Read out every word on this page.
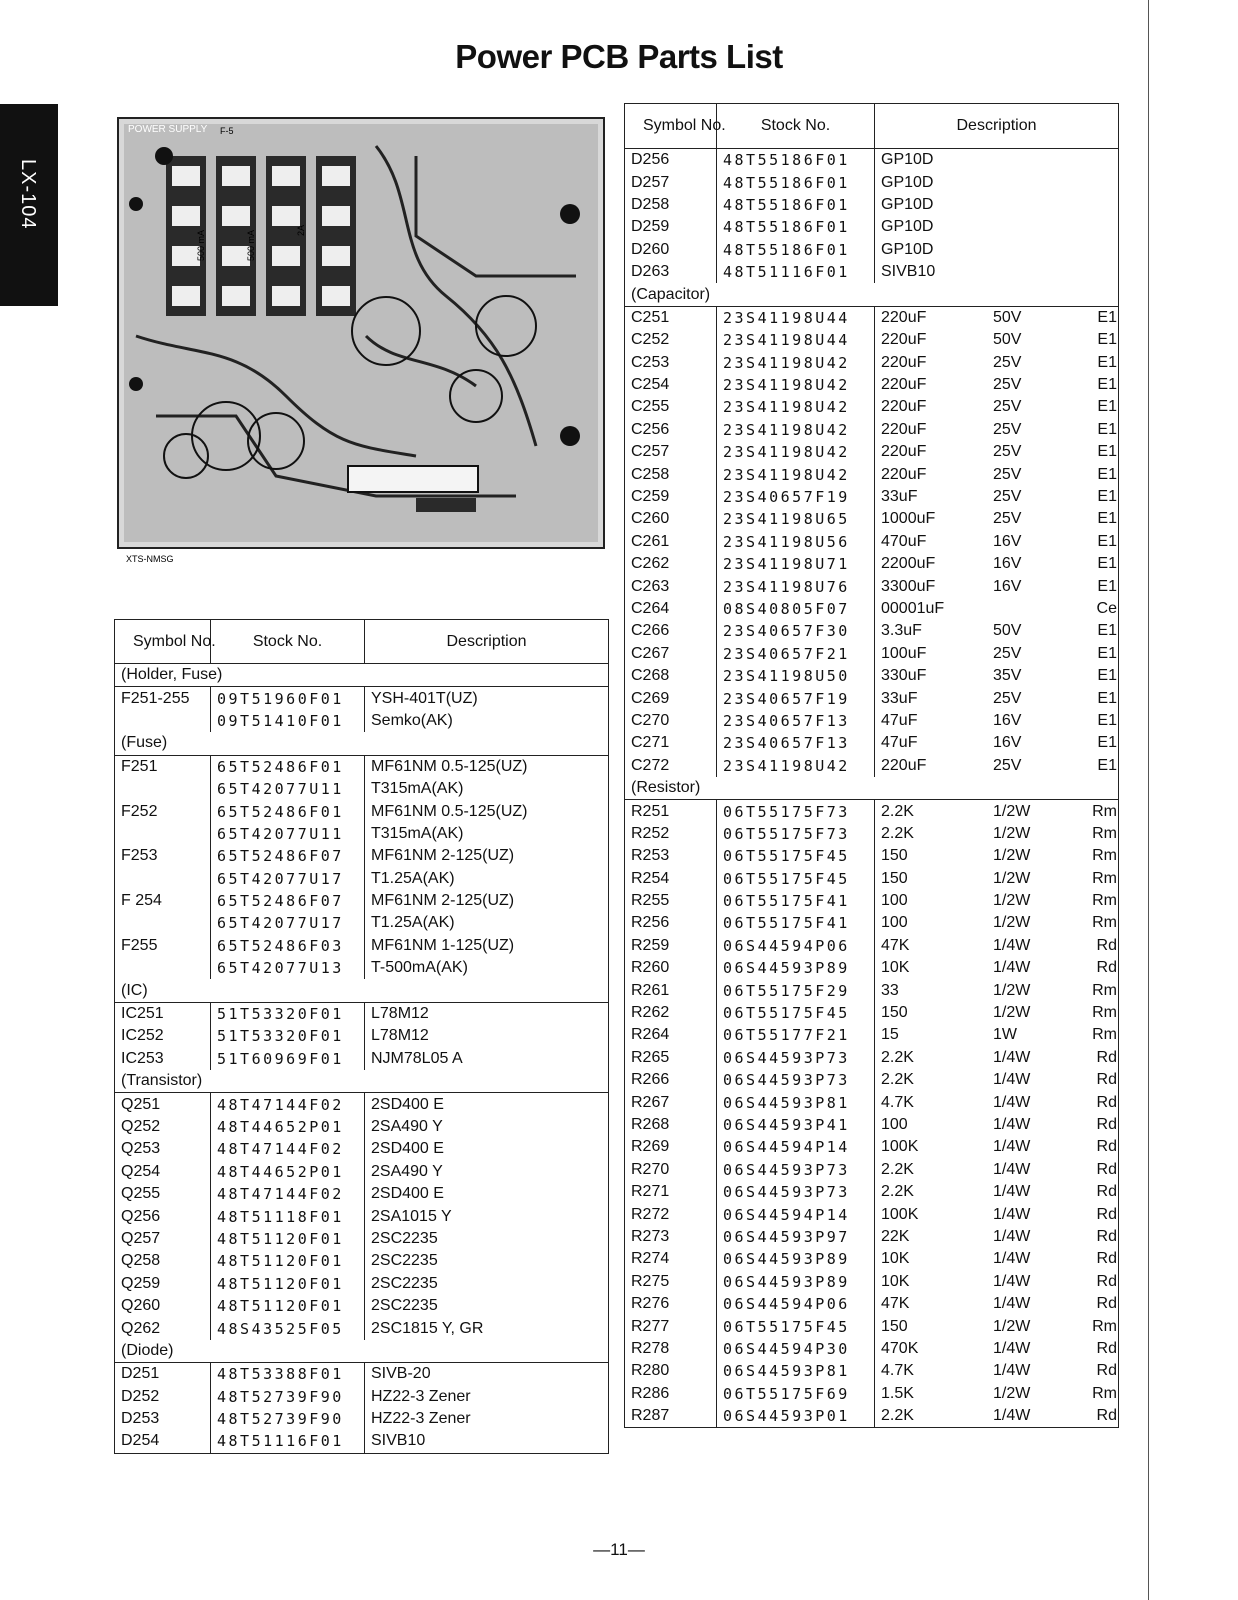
Power PCB Parts List
LX-104
POWER SUPPLY F-5
500 mA	500 mA	2A
XTS-NMSG
Symbol No.	Stock No.	Description
(Holder, Fuse)		
F251-255	09T51960F01	YSH-401T(UZ)
	09T51410F01	Semko(AK)
(Fuse)		
F251	65T52486F01	MF61NM 0.5-125(UZ)
	65T42077U11	T315mA(AK)
F252	65T52486F01	MF61NM 0.5-125(UZ)
	65T42077U11	T315mA(AK)
F253	65T52486F07	MF61NM 2-125(UZ)
	65T42077U17	T1.25A(AK)
F 254	65T52486F07	MF61NM 2-125(UZ)
	65T42077U17	T1.25A(AK)
F255	65T52486F03	MF61NM 1-125(UZ)
	65T42077U13	T-500mA(AK)
(IC)		
IC251	51T53320F01	L78M12
IC252	51T53320F01	L78M12
IC253	51T60969F01	NJM78L05 A
(Transistor)		
Q251	48T47144F02	2SD400 E
Q252	48T44652P01	2SA490 Y
Q253	48T47144F02	2SD400 E
Q254	48T44652P01	2SA490 Y
Q255	48T47144F02	2SD400 E
Q256	48T51118F01	2SA1015 Y
Q257	48T51120F01	2SC2235
Q258	48T51120F01	2SC2235
Q259	48T51120F01	2SC2235
Q260	48T51120F01	2SC2235
Q262	48S43525F05	2SC1815 Y, GR
(Diode)		
D251	48T53388F01	SIVB-20
D252	48T52739F90	HZ22-3 Zener
D253	48T52739F90	HZ22-3 Zener
D254	48T51116F01	SIVB10
Symbol No.	Stock No.	Description
D256	48T55186F01	GP10D

D257	48T55186F01	GP10D

D258	48T55186F01	GP10D

D259	48T55186F01	GP10D

D260	48T55186F01	GP10D

D263	48T51116F01	SIVB10

(Capacitor)		
C251	23S41198U44	220uF 50V E1

C252	23S41198U44	220uF 50V E1

C253	23S41198U42	220uF 25V E1

C254	23S41198U42	220uF 25V E1

C255	23S41198U42	220uF 25V E1

C256	23S41198U42	220uF 25V E1

C257	23S41198U42	220uF 25V E1

C258	23S41198U42	220uF 25V E1

C259	23S40657F19	33uF 25V E1

C260	23S41198U65	1000uF 25V E1

C261	23S41198U56	470uF 16V E1

C262	23S41198U71	2200uF 16V E1

C263	23S41198U76	3300uF 16V E1

C264	08S40805F07	00001uF Ce

C266	23S40657F30	3.3uF 50V E1

C267	23S40657F21	100uF 25V E1

C268	23S41198U50	330uF 35V E1

C269	23S40657F19	33uF 25V E1

C270	23S40657F13	47uF 16V E1

C271	23S40657F13	47uF 16V E1

C272	23S41198U42	220uF 25V E1

(Resistor)		
R251	06T55175F73	2.2K 1/2W Rm

R252	06T55175F73	2.2K 1/2W Rm

R253	06T55175F45	150 1/2W Rm

R254	06T55175F45	150 1/2W Rm

R255	06T55175F41	100 1/2W Rm

R256	06T55175F41	100 1/2W Rm

R259	06S44594P06	47K 1/4W Rd

R260	06S44593P89	10K 1/4W Rd

R261	06T55175F29	33 1/2W Rm

R262	06T55175F45	150 1/2W Rm

R264	06T55177F21	15 1W Rm

R265	06S44593P73	2.2K 1/4W Rd

R266	06S44593P73	2.2K 1/4W Rd

R267	06S44593P81	4.7K 1/4W Rd

R268	06S44593P41	100 1/4W Rd

R269	06S44594P14	100K 1/4W Rd

R270	06S44593P73	2.2K 1/4W Rd

R271	06S44593P73	2.2K 1/4W Rd

R272	06S44594P14	100K 1/4W Rd

R273	06S44593P97	22K 1/4W Rd

R274	06S44593P89	10K 1/4W Rd

R275	06S44593P89	10K 1/4W Rd

R276	06S44594P06	47K 1/4W Rd

R277	06T55175F45	150 1/2W Rm

R278	06S44594P30	470K 1/4W Rd

R280	06S44593P81	4.7K 1/4W Rd

R286	06T55175F69	1.5K 1/2W Rm

R287	06S44593P01	2.2K 1/4W Rd
—11—
